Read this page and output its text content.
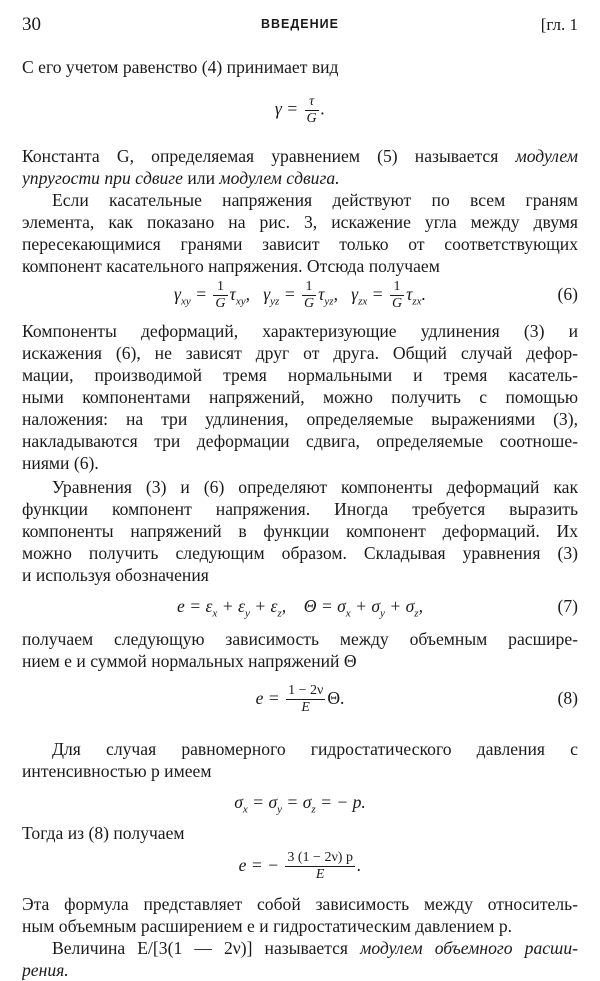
30	ВВЕДЕНИЕ	[гл. 1
С его учетом равенство (4) принимает вид
$\gamma = \frac{\tau}{G}$ .
Константа G, определяемая уравнением (5) называется модулем
упругости при сдвиге или модулем сдвига.
Если касательные напряжения действуют по всем граням
элемента, как показано на рис. 3, искажение угла между двумя
пересекающимися гранями зависит только от соответствующих
компонент касательного напряжения. Отсюда получаем
$\gamma_{xy} = \frac{1}{G} \tau_{xy}$,   $\gamma_{yz} = \frac{1}{G} \tau_{yz}$,   $\gamma_{zx} = \frac{1}{G} \tau_{zx}$.	(6)
Компоненты деформаций, характеризующие удлинения (3) и
искажения (6), не зависят друг от друга. Общий случай дефор-
мации, производимой тремя нормальными и тремя касатель-
ными компонентами напряжений, можно получить с помощью
наложения: на три удлинения, определяемые выражениями (3),
накладываются три деформации сдвига, определяемые соотноше-
ниями (6).
Уравнения (3) и (6) определяют компоненты деформаций как
функции компонент напряжения. Иногда требуется выразить
компоненты напряжений в функции компонент деформаций. Их
можно получить следующим образом. Складывая уравнения (3)
и используя обозначения
$e = \varepsilon_x + \varepsilon_y + \varepsilon_z$,    $\Theta = \sigma_x + \sigma_y + \sigma_z$,	(7)
получаем следующую зависимость между объемным расшире-
нием e и суммой нормальных напряжений Θ
$e = \frac{1 - 2\nu}{E} \Theta$.	(8)
Для случая равномерного гидростатического давления с
интенсивностью p имеем
$\sigma_x = \sigma_y = \sigma_z$ = − p.
Тогда из (8) получаем
e = − $\frac{3 (1 - 2\nu) p}{E}$ .
Эта формула представляет собой зависимость между относитель-
ным объемным расширением e и гидростатическим давлением p.
Величина E/[3(1 — 2ν)] называется модулем объемного расши-
рения.
